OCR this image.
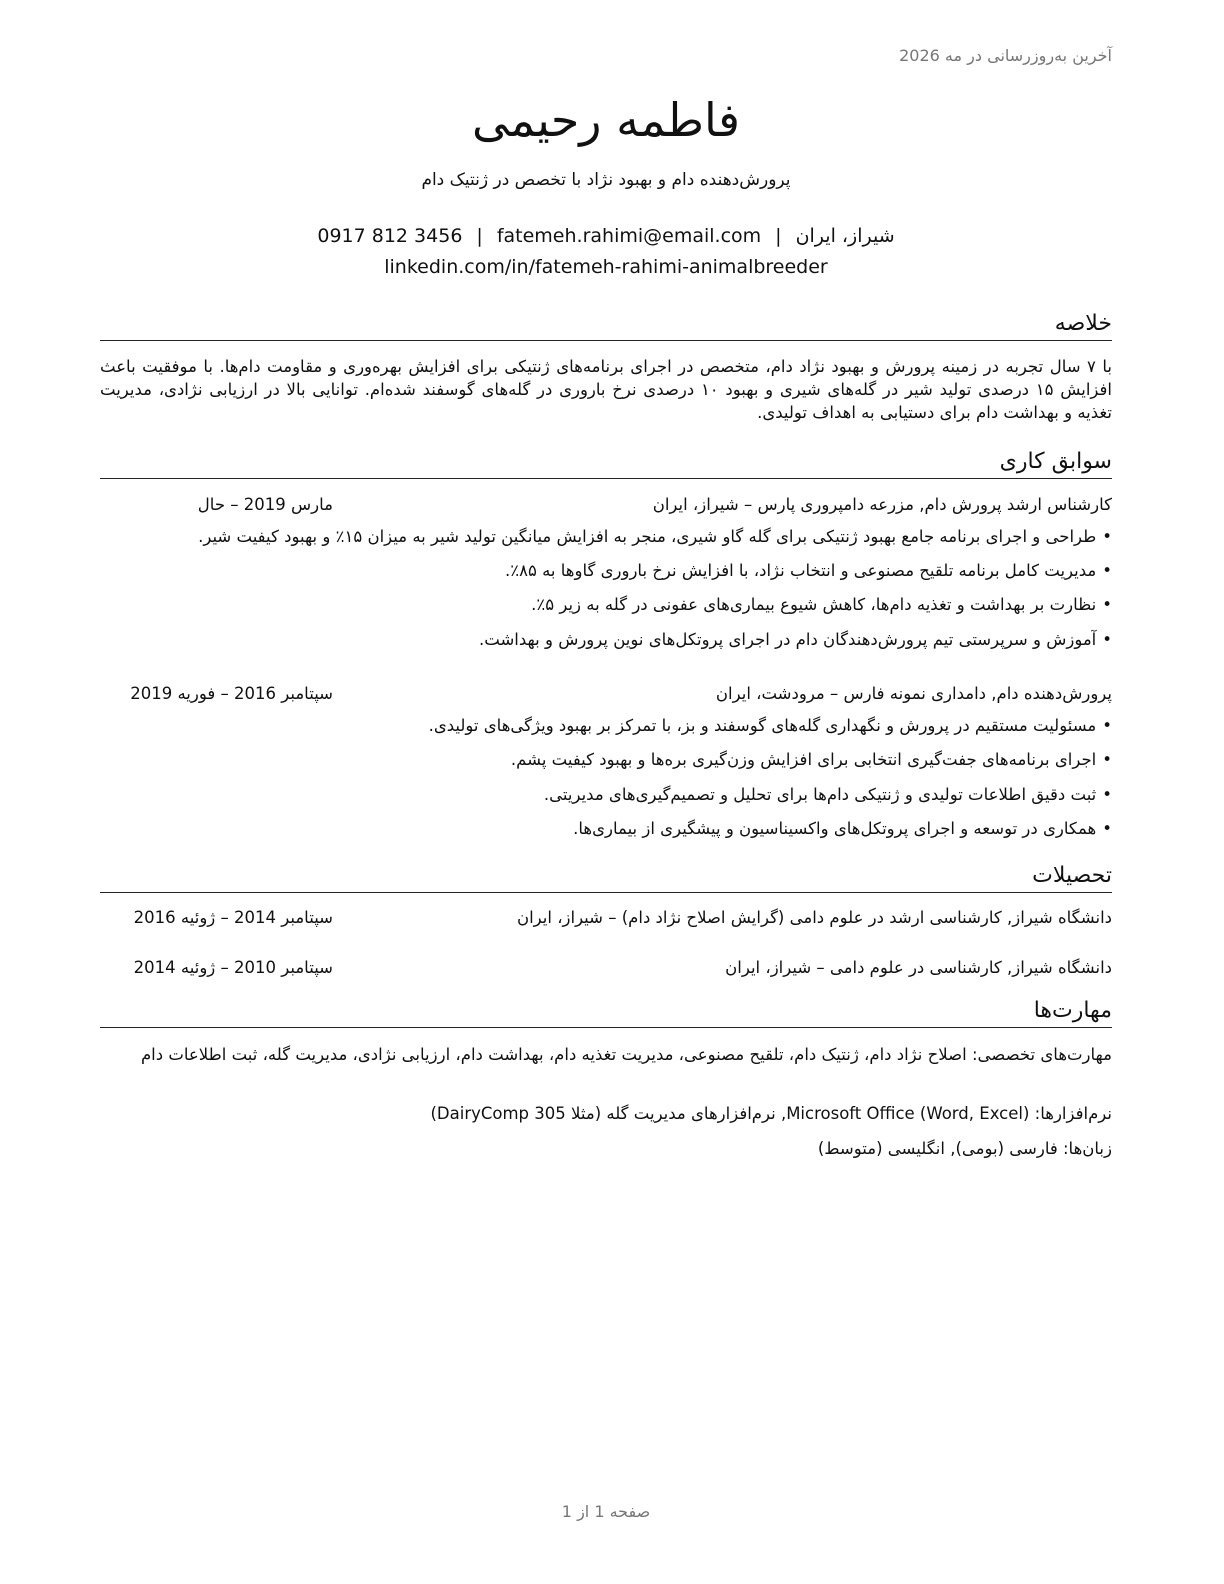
آخرین به‌روزرسانی در مه 2026
فاطمه رحیمی
پرورش‌دهنده دام و بهبود نژاد با تخصص در ژنتیک دام
شیراز، ایران|fatemeh.rahimi@email.com|0917 812 3456
linkedin.com/in/fatemeh-rahimi-animalbreeder
خلاصه
با ۷ سال تجربه در زمینه پرورش و بهبود نژاد دام، متخصص در اجرای برنامه‌های ژنتیکی برای افزایش بهره‌وری و مقاومت دام‌ها. با موفقیت باعث افزایش ۱۵ درصدی تولید شیر در گله‌های شیری و بهبود ۱۰ درصدی نرخ باروری در گله‌های گوسفند شده‌ام. توانایی بالا در ارزیابی نژادی، مدیریت تغذیه و بهداشت دام برای دستیابی به اهداف تولیدی.
سوابق کاری
کارشناس ارشد پرورش دام, مزرعه دامپروری پارس – شیراز، ایران
مارس 2019 – حال
•طراحی و اجرای برنامه جامع بهبود ژنتیکی برای گله گاو شیری، منجر به افزایش میانگین تولید شیر به میزان ۱۵٪ و بهبود کیفیت شیر.
•مدیریت کامل برنامه تلقیح مصنوعی و انتخاب نژاد، با افزایش نرخ باروری گاوها به ۸۵٪.
•نظارت بر بهداشت و تغذیه دام‌ها، کاهش شیوع بیماری‌های عفونی در گله به زیر ۵٪.
•آموزش و سرپرستی تیم پرورش‌دهندگان دام در اجرای پروتکل‌های نوین پرورش و بهداشت.
پرورش‌دهنده دام, دامداری نمونه فارس – مرودشت، ایران
سپتامبر 2016 – فوریه 2019
•مسئولیت مستقیم در پرورش و نگهداری گله‌های گوسفند و بز، با تمرکز بر بهبود ویژگی‌های تولیدی.
•اجرای برنامه‌های جفت‌گیری انتخابی برای افزایش وزن‌گیری بره‌ها و بهبود کیفیت پشم.
•ثبت دقیق اطلاعات تولیدی و ژنتیکی دام‌ها برای تحلیل و تصمیم‌گیری‌های مدیریتی.
•همکاری در توسعه و اجرای پروتکل‌های واکسیناسیون و پیشگیری از بیماری‌ها.
تحصیلات
دانشگاه شیراز, کارشناسی ارشد در علوم دامی (گرایش اصلاح نژاد دام) – شیراز، ایران
سپتامبر 2014 – ژوئیه 2016
دانشگاه شیراز, کارشناسی در علوم دامی – شیراز، ایران
سپتامبر 2010 – ژوئیه 2014
مهارت‌ها
مهارت‌های تخصصی: اصلاح نژاد دام، ژنتیک دام، تلقیح مصنوعی، مدیریت تغذیه دام، بهداشت دام، ارزیابی نژادی، مدیریت گله، ثبت اطلاعات دام
نرم‌افزارها: Microsoft Office (Word, Excel), نرم‌افزارهای مدیریت گله (مثلا DairyComp 305)
زبان‌ها: فارسی (بومی), انگلیسی (متوسط)
صفحه 1 از 1
